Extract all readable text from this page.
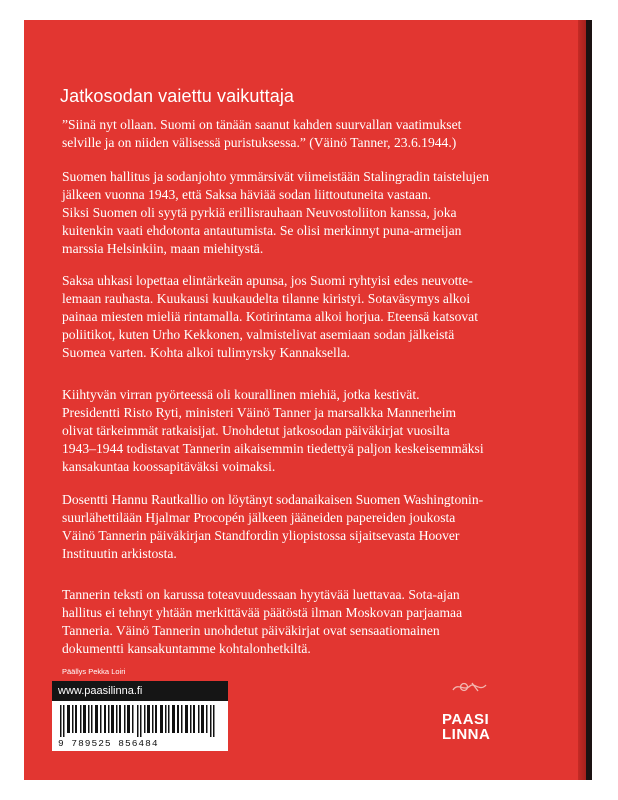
Jatkosodan vaiettu vaikuttaja
”Siinä nyt ollaan. Suomi on tänään saanut kahden suurvallan vaatimukset
selville ja on niiden välisessä puristuksessa.” (Väinö Tanner, 23.6.1944.)
Suomen hallitus ja sodanjohto ymmärsivät viimeistään Stalingradin taistelujen
jälkeen vuonna 1943, että Saksa häviää sodan liittoutuneita vastaan.
Siksi Suomen oli syytä pyrkiä erillisrauhaan Neuvostoliiton kanssa, joka
kuitenkin vaati ehdotonta antautumista. Se olisi merkinnyt puna-armeijan
marssia Helsinkiin, maan miehitystä.
Saksa uhkasi lopettaa elintärkeän apunsa, jos Suomi ryhtyisi edes neuvotte-
lemaan rauhasta. Kuukausi kuukaudelta tilanne kiristyi. Sotaväsymys alkoi
painaa miesten mieliä rintamalla. Kotirintama alkoi horjua. Eteensä katsovat
poliitikot, kuten Urho Kekkonen, valmistelivat asemiaan sodan jälkeistä
Suomea varten. Kohta alkoi tulimyrsky Kannaksella.
Kiihtyvän virran pyörteessä oli kourallinen miehiä, jotka kestivät.
Presidentti Risto Ryti, ministeri Väinö Tanner ja marsalkka Mannerheim
olivat tärkeimmät ratkaisijat. Unohdetut jatkosodan päiväkirjat vuosilta
1943–1944 todistavat Tannerin aikaisemmin tiedettyä paljon keskeisemmäksi
kansakuntaa koossapitäväksi voimaksi.
Dosentti Hannu Rautkallio on löytänyt sodanaikaisen Suomen Washingtonin-
suurlähettilään Hjalmar Procopén jälkeen jääneiden papereiden joukosta
Väinö Tannerin päiväkirjan Standfordin yliopistossa sijaitsevasta Hoover
Instituutin arkistosta.
Tannerin teksti on karussa toteavuudessaan hyytävää luettavaa. Sota-ajan
hallitus ei tehnyt yhtään merkittävää päätöstä ilman Moskovan parjaamaa
Tanneria. Väinö Tannerin unohdetut päiväkirjat ovat sensaatiomainen
dokumentti kansakuntamme kohtalonhetkiltä.
Päällys Pekka Loiri
www.paasilinna.fi
9 789525 856484
PAASI
LINNA
